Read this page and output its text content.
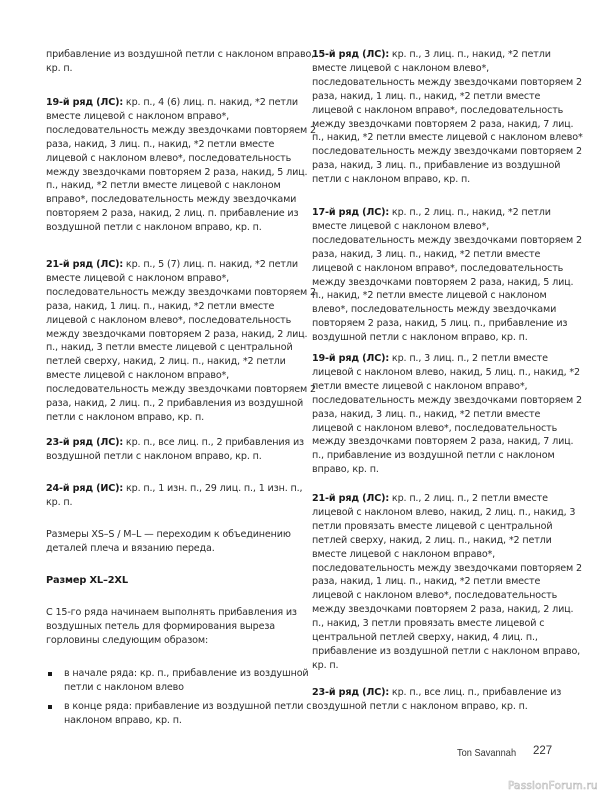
прибавление из воздушной петли с наклоном вправо, кр. п.

19-й ряд (ЛС): кр. п., 4 (6) лиц. п. накид, *2 петли вместе лицевой с наклоном вправо*, последовательность между звездочками повторяем 2 раза, накид, 3 лиц. п., накид, *2 петли вместе лицевой с наклоном влево*, последовательность между звездочками повторяем 2 раза, накид, 5 лиц. п., накид, *2 петли вместе лицевой с наклоном вправо*, последовательность между звездочками повторяем 2 раза, накид, 2 лиц. п. прибавление из воздушной петли с наклоном вправо, кр. п.

21-й ряд (ЛС): кр. п., 5 (7) лиц. п. накид, *2 петли вместе лицевой с наклоном вправо*, последовательность между звездочками повторяем 2 раза, накид, 1 лиц. п., накид, *2 петли вместе лицевой с наклоном влево*, последовательность между звездочками повторяем 2 раза, накид, 2 лиц. п., накид, 3 петли вместе лицевой с центральной петлей сверху, накид, 2 лиц. п., накид, *2 петли вместе лицевой с наклоном вправо*, последовательность между звездочками повторяем 2 раза, накид, 2 лиц. п., 2 прибавления из воздушной петли с наклоном вправо, кр. п.

23-й ряд (ЛС): кр. п., все лиц. п., 2 прибавления из воздушной петли с наклоном вправо, кр. п.

24-й ряд (ИС): кр. п., 1 изн. п., 29 лиц. п., 1 изн. п., кр. п.

Размеры XS–S / M–L — переходим к объединению деталей плеча и вязанию переда.

Размер XL–2XL

С 15-го ряда начинаем выполнять прибавления из воздушных петель для формирования выреза горловины следующим образом:

в начале ряда: кр. п., прибавление из воздушной петли с наклоном влево
в конце ряда: прибавление из воздушной петли с наклоном вправо, кр. п.

15-й ряд (ЛС): кр. п., 3 лиц. п., накид, *2 петли вместе лицевой с наклоном влево*, последовательность между звездочками повторяем 2 раза, накид, 1 лиц. п., накид, *2 петли вместе лицевой с наклоном вправо*, последовательность между звездочками повторяем 2 раза, накид, 7 лиц. п., накид, *2 петли вместе лицевой с наклоном влево* последовательность между звездочками повторяем 2 раза, накид, 3 лиц. п., прибавление из воздушной петли с наклоном вправо, кр. п.

17-й ряд (ЛС): кр. п., 2 лиц. п., накид, *2 петли вместе лицевой с наклоном влево*, последовательность между звездочками повторяем 2 раза, накид, 3 лиц. п., накид, *2 петли вместе лицевой с наклоном вправо*, последовательность между звездочками повторяем 2 раза, накид, 5 лиц. п., накид, *2 петли вместе лицевой с наклоном влево*, последовательность между звездочками повторяем 2 раза, накид, 5 лиц. п., прибавление из воздушной петли с наклоном вправо, кр. п.

19-й ряд (ЛС): кр. п., 3 лиц. п., 2 петли вместе лицевой с наклоном влево, накид, 5 лиц. п., накид, *2 петли вместе лицевой с наклоном вправо*, последовательность между звездочками повторяем 2 раза, накид, 3 лиц. п., накид, *2 петли вместе лицевой с наклоном влево*, последовательность между звездочками повторяем 2 раза, накид, 7 лиц. п., прибавление из воздушной петли с наклоном вправо, кр. п.

21-й ряд (ЛС): кр. п., 2 лиц. п., 2 петли вместе лицевой с наклоном влево, накид, 2 лиц. п., накид, 3 петли провязать вместе лицевой с центральной петлей сверху, накид, 2 лиц. п., накид, *2 петли вместе лицевой с наклоном вправо*, последовательность между звездочками повторяем 2 раза, накид, 1 лиц. п., накид, *2 петли вместе лицевой с наклоном влево*, последовательность между звездочками повторяем 2 раза, накид, 2 лиц. п., накид, 3 петли провязать вместе лицевой с центральной петлей сверху, накид, 4 лиц. п., прибавление из воздушной петли с наклоном вправо, кр. п.

23-й ряд (ЛС): кр. п., все лиц. п., прибавление из воздушной петли с наклоном вправо, кр. п.

Ton Savannah 227
PassionForum.ru
